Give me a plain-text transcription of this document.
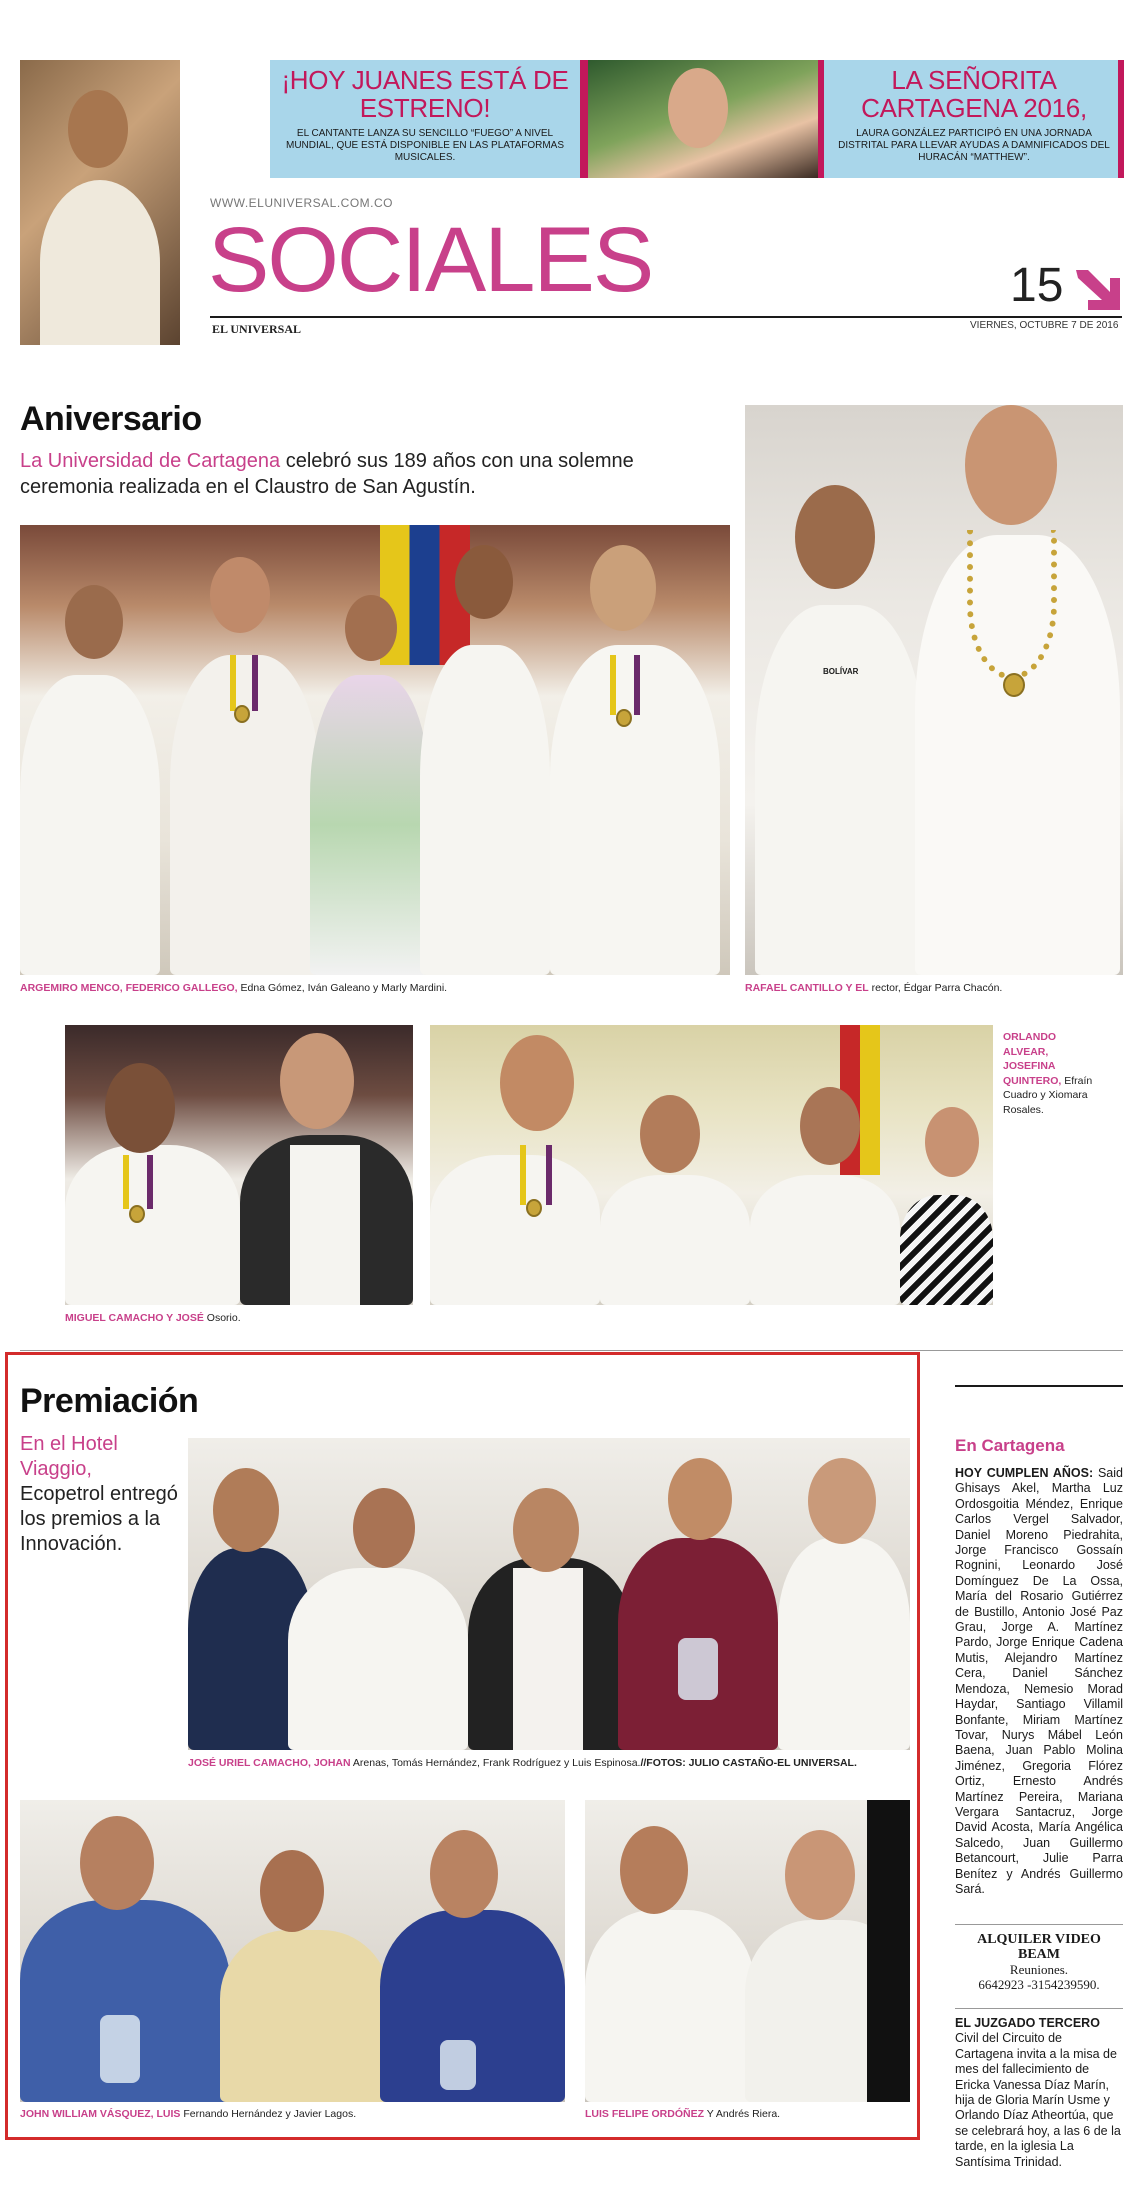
¡HOY JUANES ESTÁ DE ESTRENO!
EL CANTANTE LANZA SU SENCILLO “FUEGO” A NIVEL MUNDIAL, QUE ESTÁ DISPONIBLE EN LAS PLATAFORMAS MUSICALES.
LA SEÑORITA CARTAGENA 2016,
LAURA GONZÁLEZ PARTICIPÓ EN UNA JORNADA DISTRITAL PARA LLEVAR AYUDAS A DAMNIFICADOS DEL HURACÁN “MATTHEW”.
WWW.ELUNIVERSAL.COM.CO
SOCIALES
EL UNIVERSAL
15
VIERNES, OCTUBRE 7 DE 2016
Aniversario
La Universidad de Cartagena celebró sus 189 años con una solemne ceremonia realizada en el Claustro de San Agustín.
BOLÍVAR
ARGEMIRO MENCO, FEDERICO GALLEGO, Edna Gómez, Iván Galeano y Marly Mardini.	RAFAEL CANTILLO Y EL rector, Édgar Parra Chacón.
ORLANDO ALVEAR, JOSEFINA QUINTERO, Efraín Cuadro y Xiomara Rosales.
MIGUEL CAMACHO Y JOSÉ Osorio.
Premiación
En el Hotel Viaggio,
Ecopetrol entregó los premios a la Innovación.
JOSÉ URIEL CAMACHO, JOHAN Arenas, Tomás Hernández, Frank Rodríguez y Luis Espinosa.//FOTOS: JULIO CASTAÑO-EL UNIVERSAL.
JOHN WILLIAM VÁSQUEZ, LUIS Fernando Hernández y Javier Lagos.	LUIS FELIPE ORDÓÑEZ Y Andrés Riera.
En Cartagena
HOY CUMPLEN AÑOS: Said Ghisays Akel, Martha Luz Ordosgoitia Méndez, Enrique Carlos Vergel Salvador, Daniel Moreno Piedrahita, Jorge Francisco Gossaín Rognini, Leonardo José Domínguez De La Ossa, María del Rosario Gutiérrez de Bustillo, Antonio José Paz Grau, Jorge A. Martínez Pardo, Jorge Enrique Cadena Mutis, Alejandro Martínez Cera, Daniel Sánchez Mendoza, Nemesio Morad Haydar, Santiago Villamil Bonfante, Miriam Martínez Tovar, Nurys Mábel León Baena, Juan Pablo Molina Jiménez, Gregoria Flórez Ortiz, Ernesto Andrés Martínez Pereira, Mariana Vergara Santacruz, Jorge David Acosta, María Angélica Salcedo, Juan Guillermo Betancourt, Julie Parra Benítez y Andrés Guillermo Sará.
ALQUILER VIDEO BEAM
Reuniones.
6642923 -3154239590.
EL JUZGADO TERCERO Civil del Circuito de Cartagena invita a la misa de mes del fallecimiento de Ericka Vanessa Díaz Marín, hija de Gloria Marín Usme y Orlando Díaz Atheortúa, que se celebrará hoy, a las 6 de la tarde, en la iglesia La Santísima Trinidad.
